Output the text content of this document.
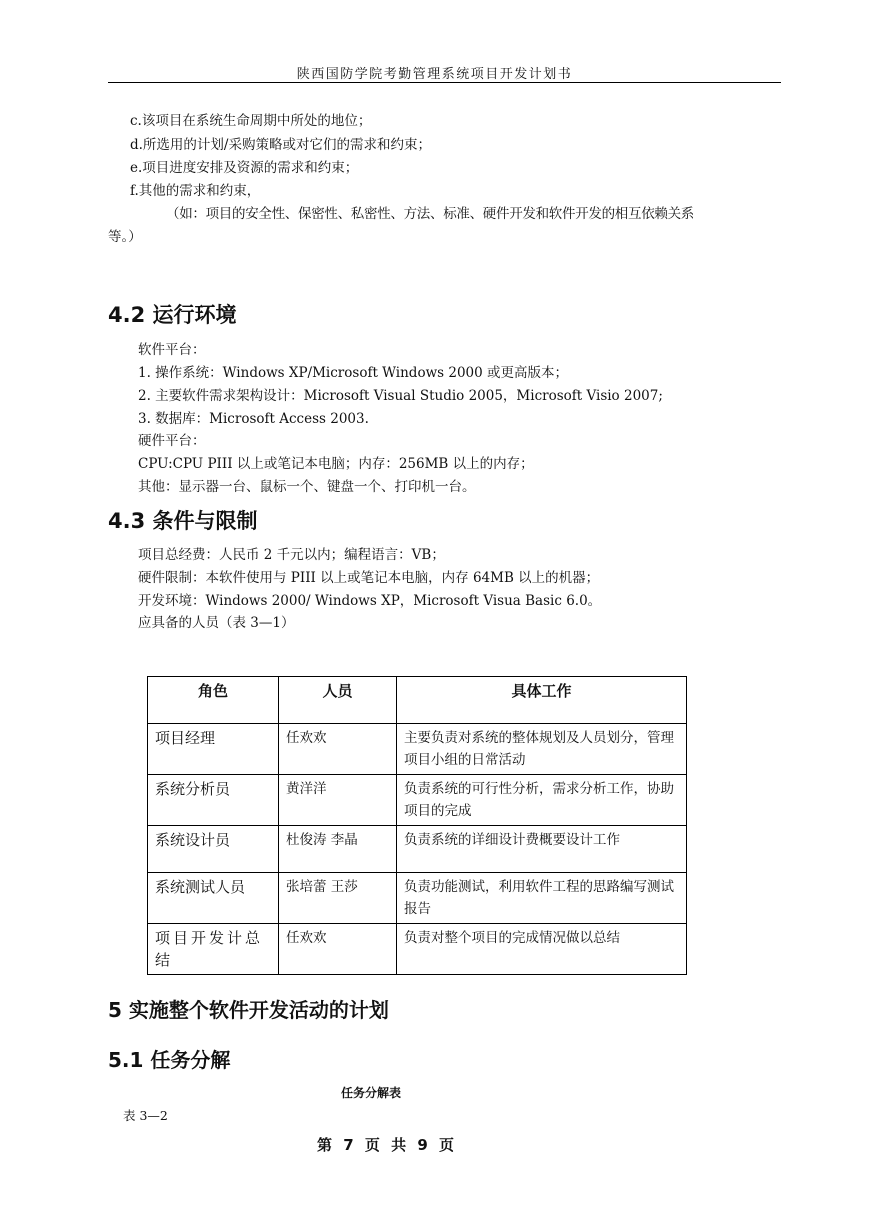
陕西国防学院考勤管理系统项目开发计划书
c.该项目在系统生命周期中所处的地位；
d.所选用的计划/采购策略或对它们的需求和约束；
e.项目进度安排及资源的需求和约束；
f.其他的需求和约束，
（如：项目的安全性、保密性、私密性、方法、标准、硬件开发和软件开发的相互依赖关系
等。）
4.2 运行环境
软件平台：
1. 操作系统：Windows XP/Microsoft Windows 2000 或更高版本；
2. 主要软件需求架构设计：Microsoft Visual Studio 2005，Microsoft Visio 2007;
3. 数据库：Microsoft Access 2003.
硬件平台：
CPU:CPU PIII 以上或笔记本电脑；内存：256MB 以上的内存；
其他：显示器一台、鼠标一个、键盘一个、打印机一台。
4.3 条件与限制
项目总经费：人民币 2 千元以内；编程语言：VB；
硬件限制：本软件使用与 PIII 以上或笔记本电脑，内存 64MB 以上的机器；
开发环境：Windows 2000/ Windows XP，Microsoft Visua Basic 6.0。
应具备的人员（表 3—1）
角色	人员	具体工作
项目经理	任欢欢	主要负责对系统的整体规划及人员划分，管理项目小组的日常活动
系统分析员	黄洋洋	负责系统的可行性分析，需求分析工作，协助项目的完成
系统设计员	杜俊涛 李晶	负责系统的详细设计费概要设计工作
系统测试人员	张培蕾 王莎	负责功能测试，利用软件工程的思路编写测试报告
项目开发计总结	任欢欢	负责对整个项目的完成情况做以总结
5 实施整个软件开发活动的计划
5.1 任务分解
任务分解表
表 3—2
第 7 页 共 9 页
